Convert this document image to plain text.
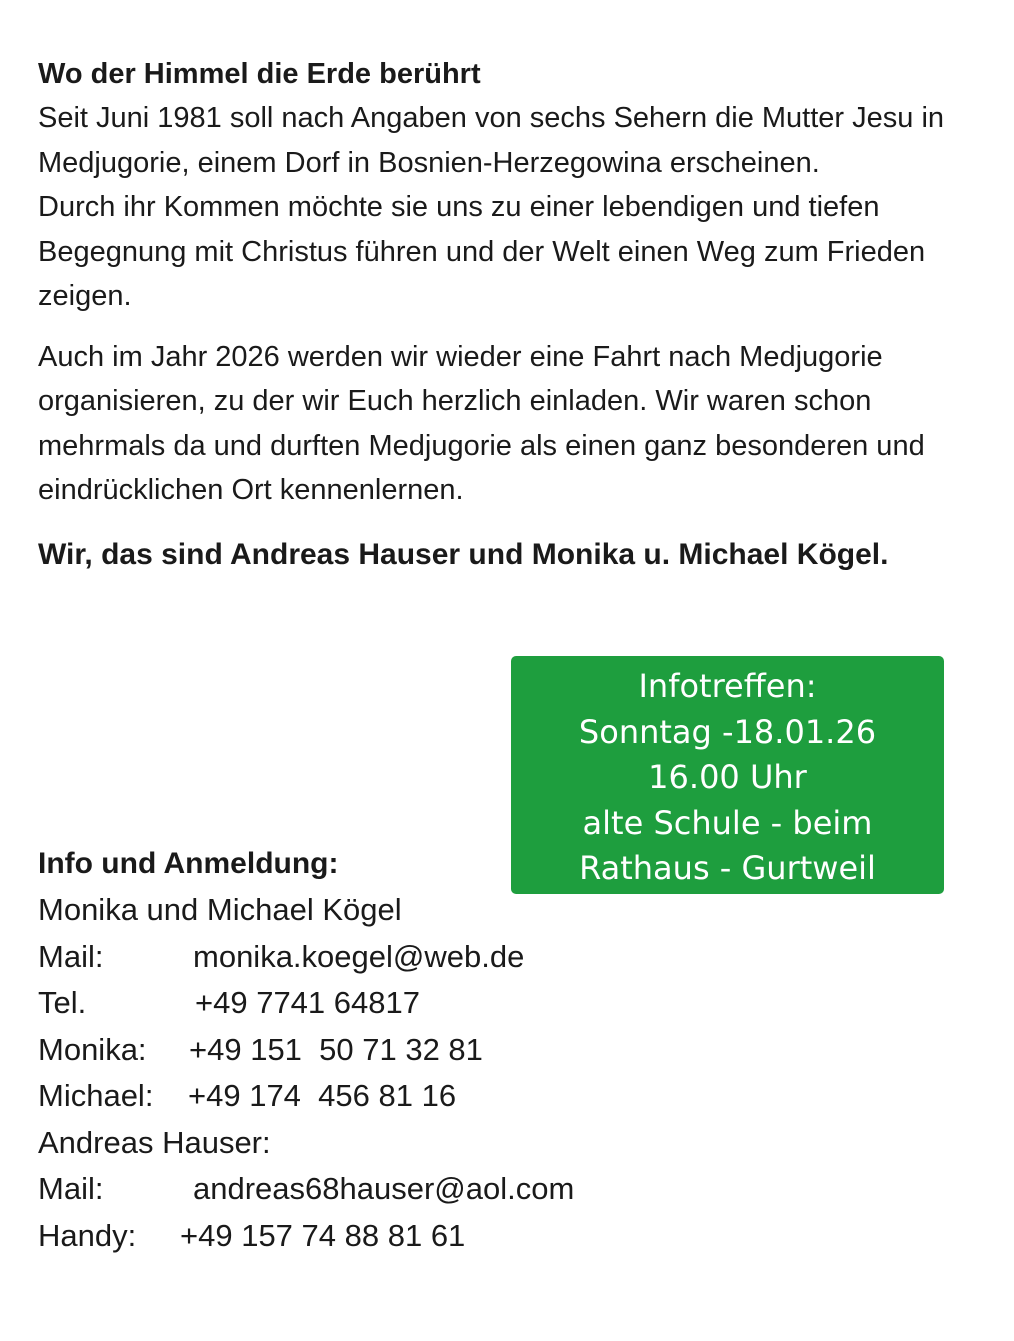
Wo der Himmel die Erde berührt

Seit Juni 1981 soll nach Angaben von sechs Sehern die Mutter Jesu in Medjugorie, einem Dorf in Bosnien-Herzegowina erscheinen.

Durch ihr Kommen möchte sie uns zu einer lebendigen und tiefen Begegnung mit Christus führen und der Welt einen Weg zum Frieden zeigen.

Auch im Jahr 2026 werden wir wieder eine Fahrt nach Medjugorie organisieren, zu der wir Euch herzlich einladen. Wir waren schon mehrmals da und durften Medjugorie als einen ganz besonderen und eindrücklichen Ort kennenlernen.

Wir, das sind Andreas Hauser und Monika u. Michael Kögel.

Infotreffen:
Sonntag -18.01.26
16.00 Uhr
alte Schule - beim
Rathaus - Gurtweil

Info und Anmeldung:

Monika und Michael Kögel
Mail:	monika.koegel@web.de
Tel.	+49 7741 64817
Monika: +49 151  50 71 32 81
Michael: +49 174  456 81 16
Andreas Hauser:
Mail:	andreas68hauser@aol.com
Handy: +49 157 74 88 81 61
